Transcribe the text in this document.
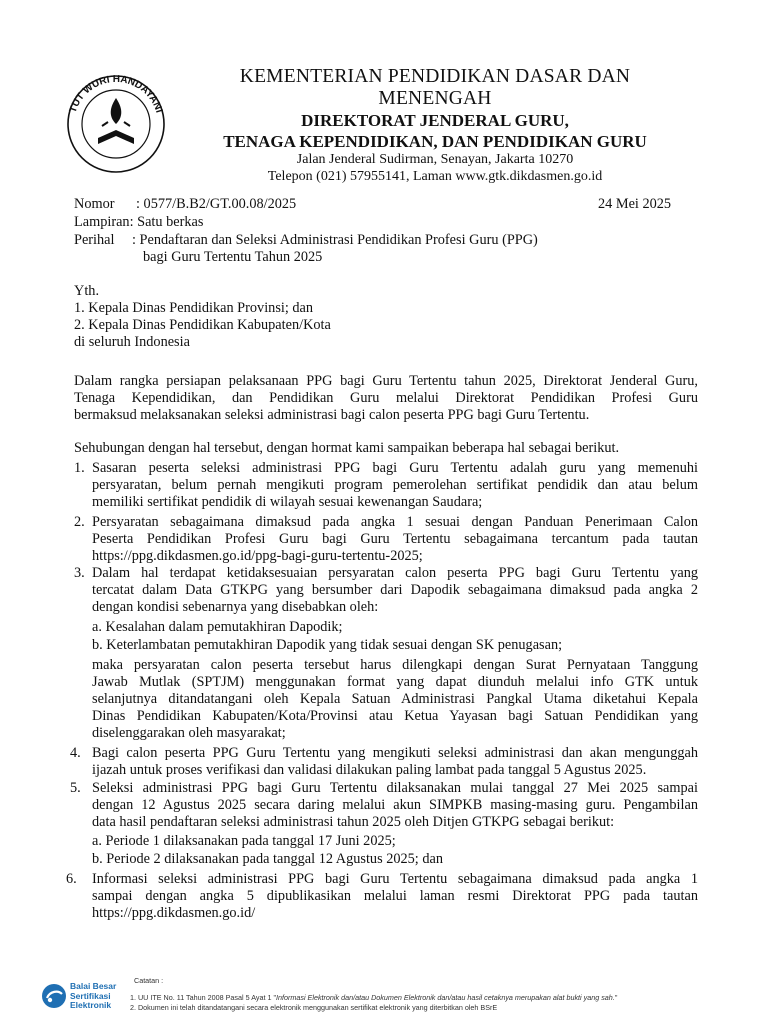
TUT WURI HANDAYANI
KEMENTERIAN PENDIDIKAN DASAR DAN MENENGAH
DIREKTORAT JENDERAL GURU,
TENAGA KEPENDIDIKAN, DAN PENDIDIKAN GURU
Jalan Jenderal Sudirman, Senayan, Jakarta 10270
Telepon (021) 57955141, Laman www.gtk.dikdasmen.go.id
Nomor : 0577/B.B2/GT.00.08/2025	24 Mei 2025
Lampiran: Satu berkas
Perihal : Pendaftaran dan Seleksi Administrasi Pendidikan Profesi Guru (PPG)
bagi Guru Tertentu Tahun 2025
Yth.
1. Kepala Dinas Pendidikan Provinsi; dan
2. Kepala Dinas Pendidikan Kabupaten/Kota
di seluruh Indonesia
Dalam rangka persiapan pelaksanaan PPG bagi Guru Tertentu tahun 2025, Direktorat Jenderal Guru,
Tenaga Kependidikan, dan Pendidikan Guru melalui Direktorat Pendidikan Profesi Guru
bermaksud melaksanakan seleksi administrasi bagi calon peserta PPG bagi Guru Tertentu.
Sehubungan dengan hal tersebut, dengan hormat kami sampaikan beberapa hal sebagai berikut.
1. Sasaran peserta seleksi administrasi PPG bagi Guru Tertentu adalah guru yang memenuhi
persyaratan, belum pernah mengikuti program pemerolehan sertifikat pendidik dan atau belum
memiliki sertifikat pendidik di wilayah sesuai kewenangan Saudara;
2. Persyaratan sebagaimana dimaksud pada angka 1 sesuai dengan Panduan Penerimaan Calon
Peserta Pendidikan Profesi Guru bagi Guru Tertentu sebagaimana tercantum pada tautan
https://ppg.dikdasmen.go.id/ppg-bagi-guru-tertentu-2025;
3. Dalam hal terdapat ketidaksesuaian persyaratan calon peserta PPG bagi Guru Tertentu yang
tercatat dalam Data GTKPG yang bersumber dari Dapodik sebagaimana dimaksud pada angka 2
dengan kondisi sebenarnya yang disebabkan oleh:
a. Kesalahan dalam pemutakhiran Dapodik;
b. Keterlambatan pemutakhiran Dapodik yang tidak sesuai dengan SK penugasan;
maka persyaratan calon peserta tersebut harus dilengkapi dengan Surat Pernyataan Tanggung
Jawab Mutlak (SPTJM) menggunakan format yang dapat diunduh melalui info GTK untuk
selanjutnya ditandatangani oleh Kepala Satuan Administrasi Pangkal Utama diketahui Kepala
Dinas Pendidikan Kabupaten/Kota/Provinsi atau Ketua Yayasan bagi Satuan Pendidikan yang
diselenggarakan oleh masyarakat;
4. Bagi calon peserta PPG Guru Tertentu yang mengikuti seleksi administrasi dan akan mengunggah
ijazah untuk proses verifikasi dan validasi dilakukan paling lambat pada tanggal 5 Agustus 2025.
5. Seleksi administrasi PPG bagi Guru Tertentu dilaksanakan mulai tanggal 27 Mei 2025 sampai
dengan 12 Agustus 2025 secara daring melalui akun SIMPKB masing-masing guru. Pengambilan
data hasil pendaftaran seleksi administrasi tahun 2025 oleh Ditjen GTKPG sebagai berikut:
a. Periode 1 dilaksanakan pada tanggal 17 Juni 2025;
b. Periode 2 dilaksanakan pada tanggal 12 Agustus 2025; dan
6. Informasi seleksi administrasi PPG bagi Guru Tertentu sebagaimana dimaksud pada angka 1
sampai dengan angka 5 dipublikasikan melalui laman resmi Direktorat PPG pada tautan
https://ppg.dikdasmen.go.id/
Balai Besar
Sertifikasi
Elektronik
Catatan :
1. UU ITE No. 11 Tahun 2008 Pasal 5 Ayat 1 "Informasi Elektronik dan/atau Dokumen Elektronik dan/atau hasil cetaknya merupakan alat bukti yang sah."
2. Dokumen ini telah ditandatangani secara elektronik menggunakan sertifikat elektronik yang diterbitkan oleh BSrE
